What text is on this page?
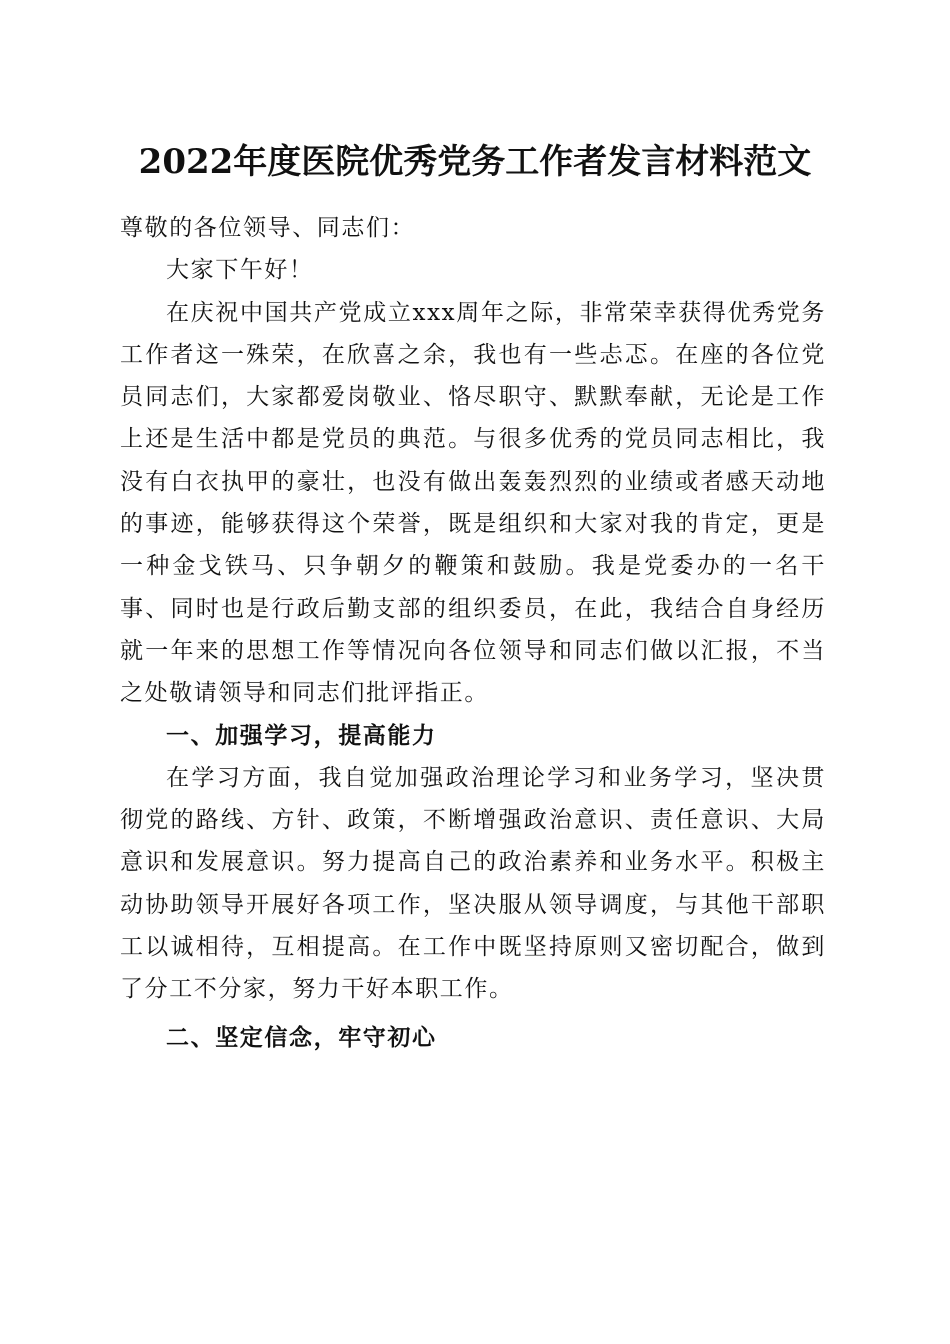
2022年度医院优秀党务工作者发言材料范文

尊敬的各位领导、同志们：

大家下午好！

在庆祝中国共产党成立xxx周年之际，非常荣幸获得优秀党务工作者这一殊荣，在欣喜之余，我也有一些忐忑。在座的各位党员同志们，大家都爱岗敬业、恪尽职守、默默奉献，无论是工作上还是生活中都是党员的典范。与很多优秀的党员同志相比，我没有白衣执甲的豪壮，也没有做出轰轰烈烈的业绩或者感天动地的事迹，能够获得这个荣誉，既是组织和大家对我的肯定，更是一种金戈铁马、只争朝夕的鞭策和鼓励。我是党委办的一名干事、同时也是行政后勤支部的组织委员，在此，我结合自身经历就一年来的思想工作等情况向各位领导和同志们做以汇报，不当之处敬请领导和同志们批评指正。

一、加强学习，提高能力

在学习方面，我自觉加强政治理论学习和业务学习，坚决贯彻党的路线、方针、政策，不断增强政治意识、责任意识、大局意识和发展意识。努力提高自己的政治素养和业务水平。积极主动协助领导开展好各项工作，坚决服从领导调度，与其他干部职工以诚相待，互相提高。在工作中既坚持原则又密切配合，做到了分工不分家，努力干好本职工作。

二、坚定信念，牢守初心
